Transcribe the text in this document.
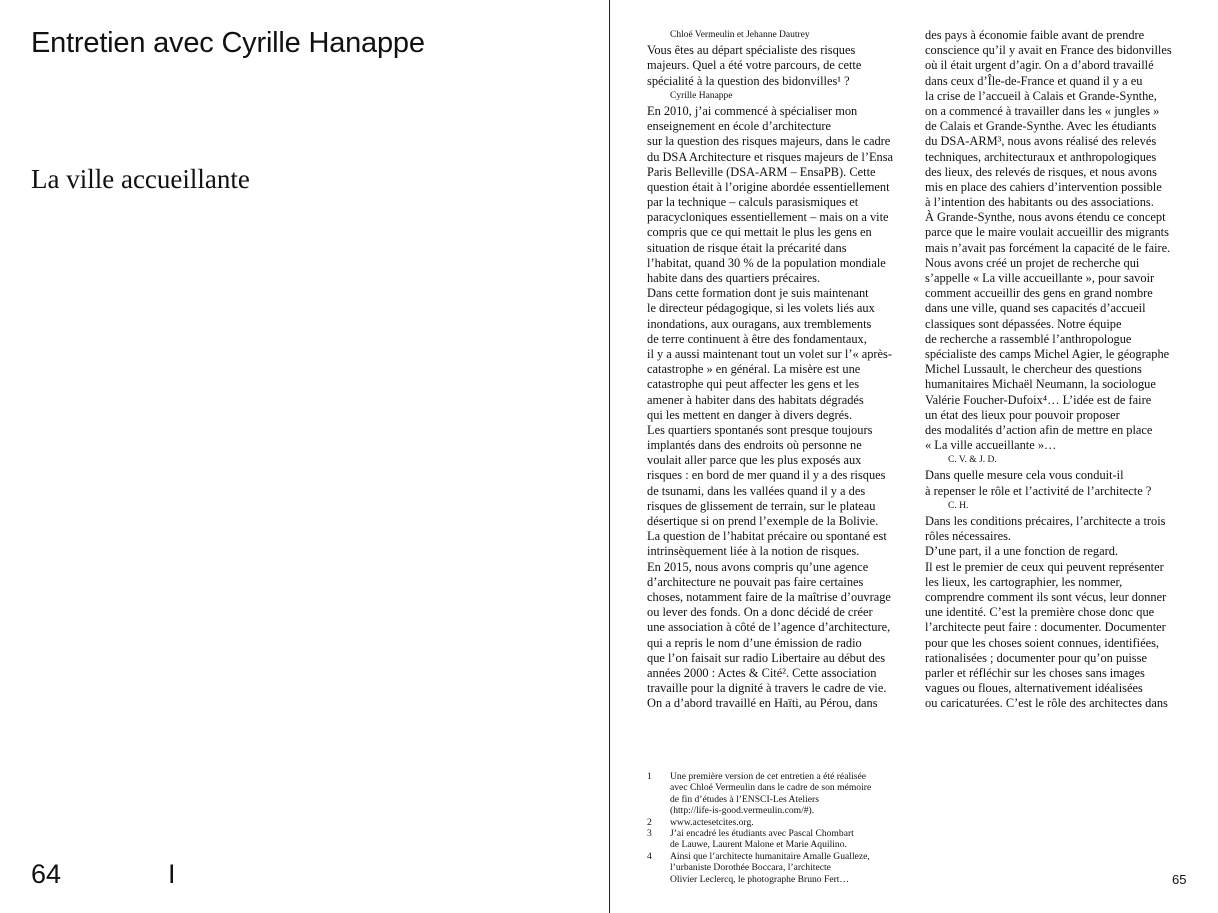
Entretien avec Cyrille Hanappe
La ville accueillante
64	I
Chloé Vermeulin et Jehanne Dautrey
Vous êtes au départ spécialiste des risques
majeurs. Quel a été votre parcours, de cette
spécialité à la question des bidonvilles¹ ?
Cyrille Hanappe
En 2010, j’ai commencé à spécialiser mon
enseignement en école d’architecture
sur la question des risques majeurs, dans le cadre
du DSA Architecture et risques majeurs de l’Ensa
Paris Belleville (DSA-ARM – EnsaPB). Cette
question était à l’origine abordée essentiellement
par la technique – calculs parasismiques et
paracycloniques essentiellement – mais on a vite
compris que ce qui mettait le plus les gens en
situation de risque était la précarité dans
l’habitat, quand 30 % de la population mondiale
habite dans des quartiers précaires.
Dans cette formation dont je suis maintenant
le directeur pédagogique, si les volets liés aux
inondations, aux ouragans, aux tremblements
de terre continuent à être des fondamentaux,
il y a aussi maintenant tout un volet sur l’« après-
catastrophe » en général. La misère est une
catastrophe qui peut affecter les gens et les
amener à habiter dans des habitats dégradés
qui les mettent en danger à divers degrés.
Les quartiers spontanés sont presque toujours
implantés dans des endroits où personne ne
voulait aller parce que les plus exposés aux
risques : en bord de mer quand il y a des risques
de tsunami, dans les vallées quand il y a des
risques de glissement de terrain, sur le plateau
désertique si on prend l’exemple de la Bolivie.
La question de l’habitat précaire ou spontané est
intrinsèquement liée à la notion de risques.
En 2015, nous avons compris qu’une agence
d’architecture ne pouvait pas faire certaines
choses, notamment faire de la maîtrise d’ouvrage
ou lever des fonds. On a donc décidé de créer
une association à côté de l’agence d’architecture,
qui a repris le nom d’une émission de radio
que l’on faisait sur radio Libertaire au début des
années 2000 : Actes & Cité². Cette association
travaille pour la dignité à travers le cadre de vie.
On a d’abord travaillé en Haïti, au Pérou, dans
des pays à économie faible avant de prendre
conscience qu’il y avait en France des bidonvilles
où il était urgent d’agir. On a d’abord travaillé
dans ceux d’Île-de-France et quand il y a eu
la crise de l’accueil à Calais et Grande-Synthe,
on a commencé à travailler dans les « jungles »
de Calais et Grande-Synthe. Avec les étudiants
du DSA-ARM³, nous avons réalisé des relevés
techniques, architecturaux et anthropologiques
des lieux, des relevés de risques, et nous avons
mis en place des cahiers d’intervention possible
à l’intention des habitants ou des associations.
À Grande-Synthe, nous avons étendu ce concept
parce que le maire voulait accueillir des migrants
mais n’avait pas forcément la capacité de le faire.
Nous avons créé un projet de recherche qui
s’appelle « La ville accueillante », pour savoir
comment accueillir des gens en grand nombre
dans une ville, quand ses capacités d’accueil
classiques sont dépassées. Notre équipe
de recherche a rassemblé l’anthropologue
spécialiste des camps Michel Agier, le géographe
Michel Lussault, le chercheur des questions
humanitaires Michaël Neumann, la sociologue
Valérie Foucher-Dufoix⁴… L’idée est de faire
un état des lieux pour pouvoir proposer
des modalités d’action afin de mettre en place
« La ville accueillante »…
C. V. & J. D.
Dans quelle mesure cela vous conduit-il
à repenser le rôle et l’activité de l’architecte ?
C. H.
Dans les conditions précaires, l’architecte a trois
rôles nécessaires.
D’une part, il a une fonction de regard.
Il est le premier de ceux qui peuvent représenter
les lieux, les cartographier, les nommer,
comprendre comment ils sont vécus, leur donner
une identité. C’est la première chose donc que
l’architecte peut faire : documenter. Documenter
pour que les choses soient connues, identifiées,
rationalisées ; documenter pour qu’on puisse
parler et réfléchir sur les choses sans images
vagues ou floues, alternativement idéalisées
ou caricaturées. C’est le rôle des architectes dans
1	Une première version de cet entretien a été réalisée
avec Chloé Vermeulin dans le cadre de son mémoire
de fin d’études à l’ENSCI-Les Ateliers
(http://life-is-good.vermeulin.com/#).
2	www.actesetcites.org.
3	J’ai encadré les étudiants avec Pascal Chombart
de Lauwe, Laurent Malone et Marie Aquilino.
4	Ainsi que l’architecte humanitaire Amalle Gualleze,
l’urbaniste Dorothée Boccara, l’architecte
Olivier Leclercq, le photographe Bruno Fert…	65
